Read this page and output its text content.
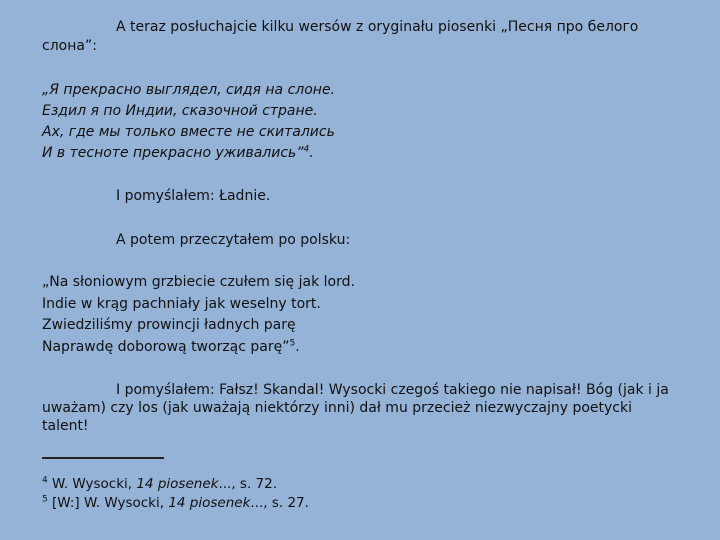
A teraz posłuchajcie kilku wersów z oryginału piosenki „Песня про белого
слона”:
„Я прекрасно выглядел, сидя на слоне.
Ездил я по Индии, сказочной стране.
Ах, где мы только вместе не скитались
И в тесноте прекрасно уживались”$^4$.
I pomyślałem: Ładnie.
A potem przeczytałem po polsku:
„Na słoniowym grzbiecie czułem się jak lord.
Indie w krąg pachniały jak weselny tort.
Zwiedziliśmy prowincji ładnych parę
Naprawdę doborową tworząc parę”$^5$.
I pomyślałem: Fałsz! Skandal! Wysocki czegoś takiego nie napisał! Bóg (jak i ja uważam) czy los (jak uważają niektórzy inni) dał mu przecież niezwyczajny poetycki talent!
$^4$ W. Wysocki, 14 piosenek..., s. 72.
$^5$ [W:] W. Wysocki, 14 piosenek..., s. 27.
